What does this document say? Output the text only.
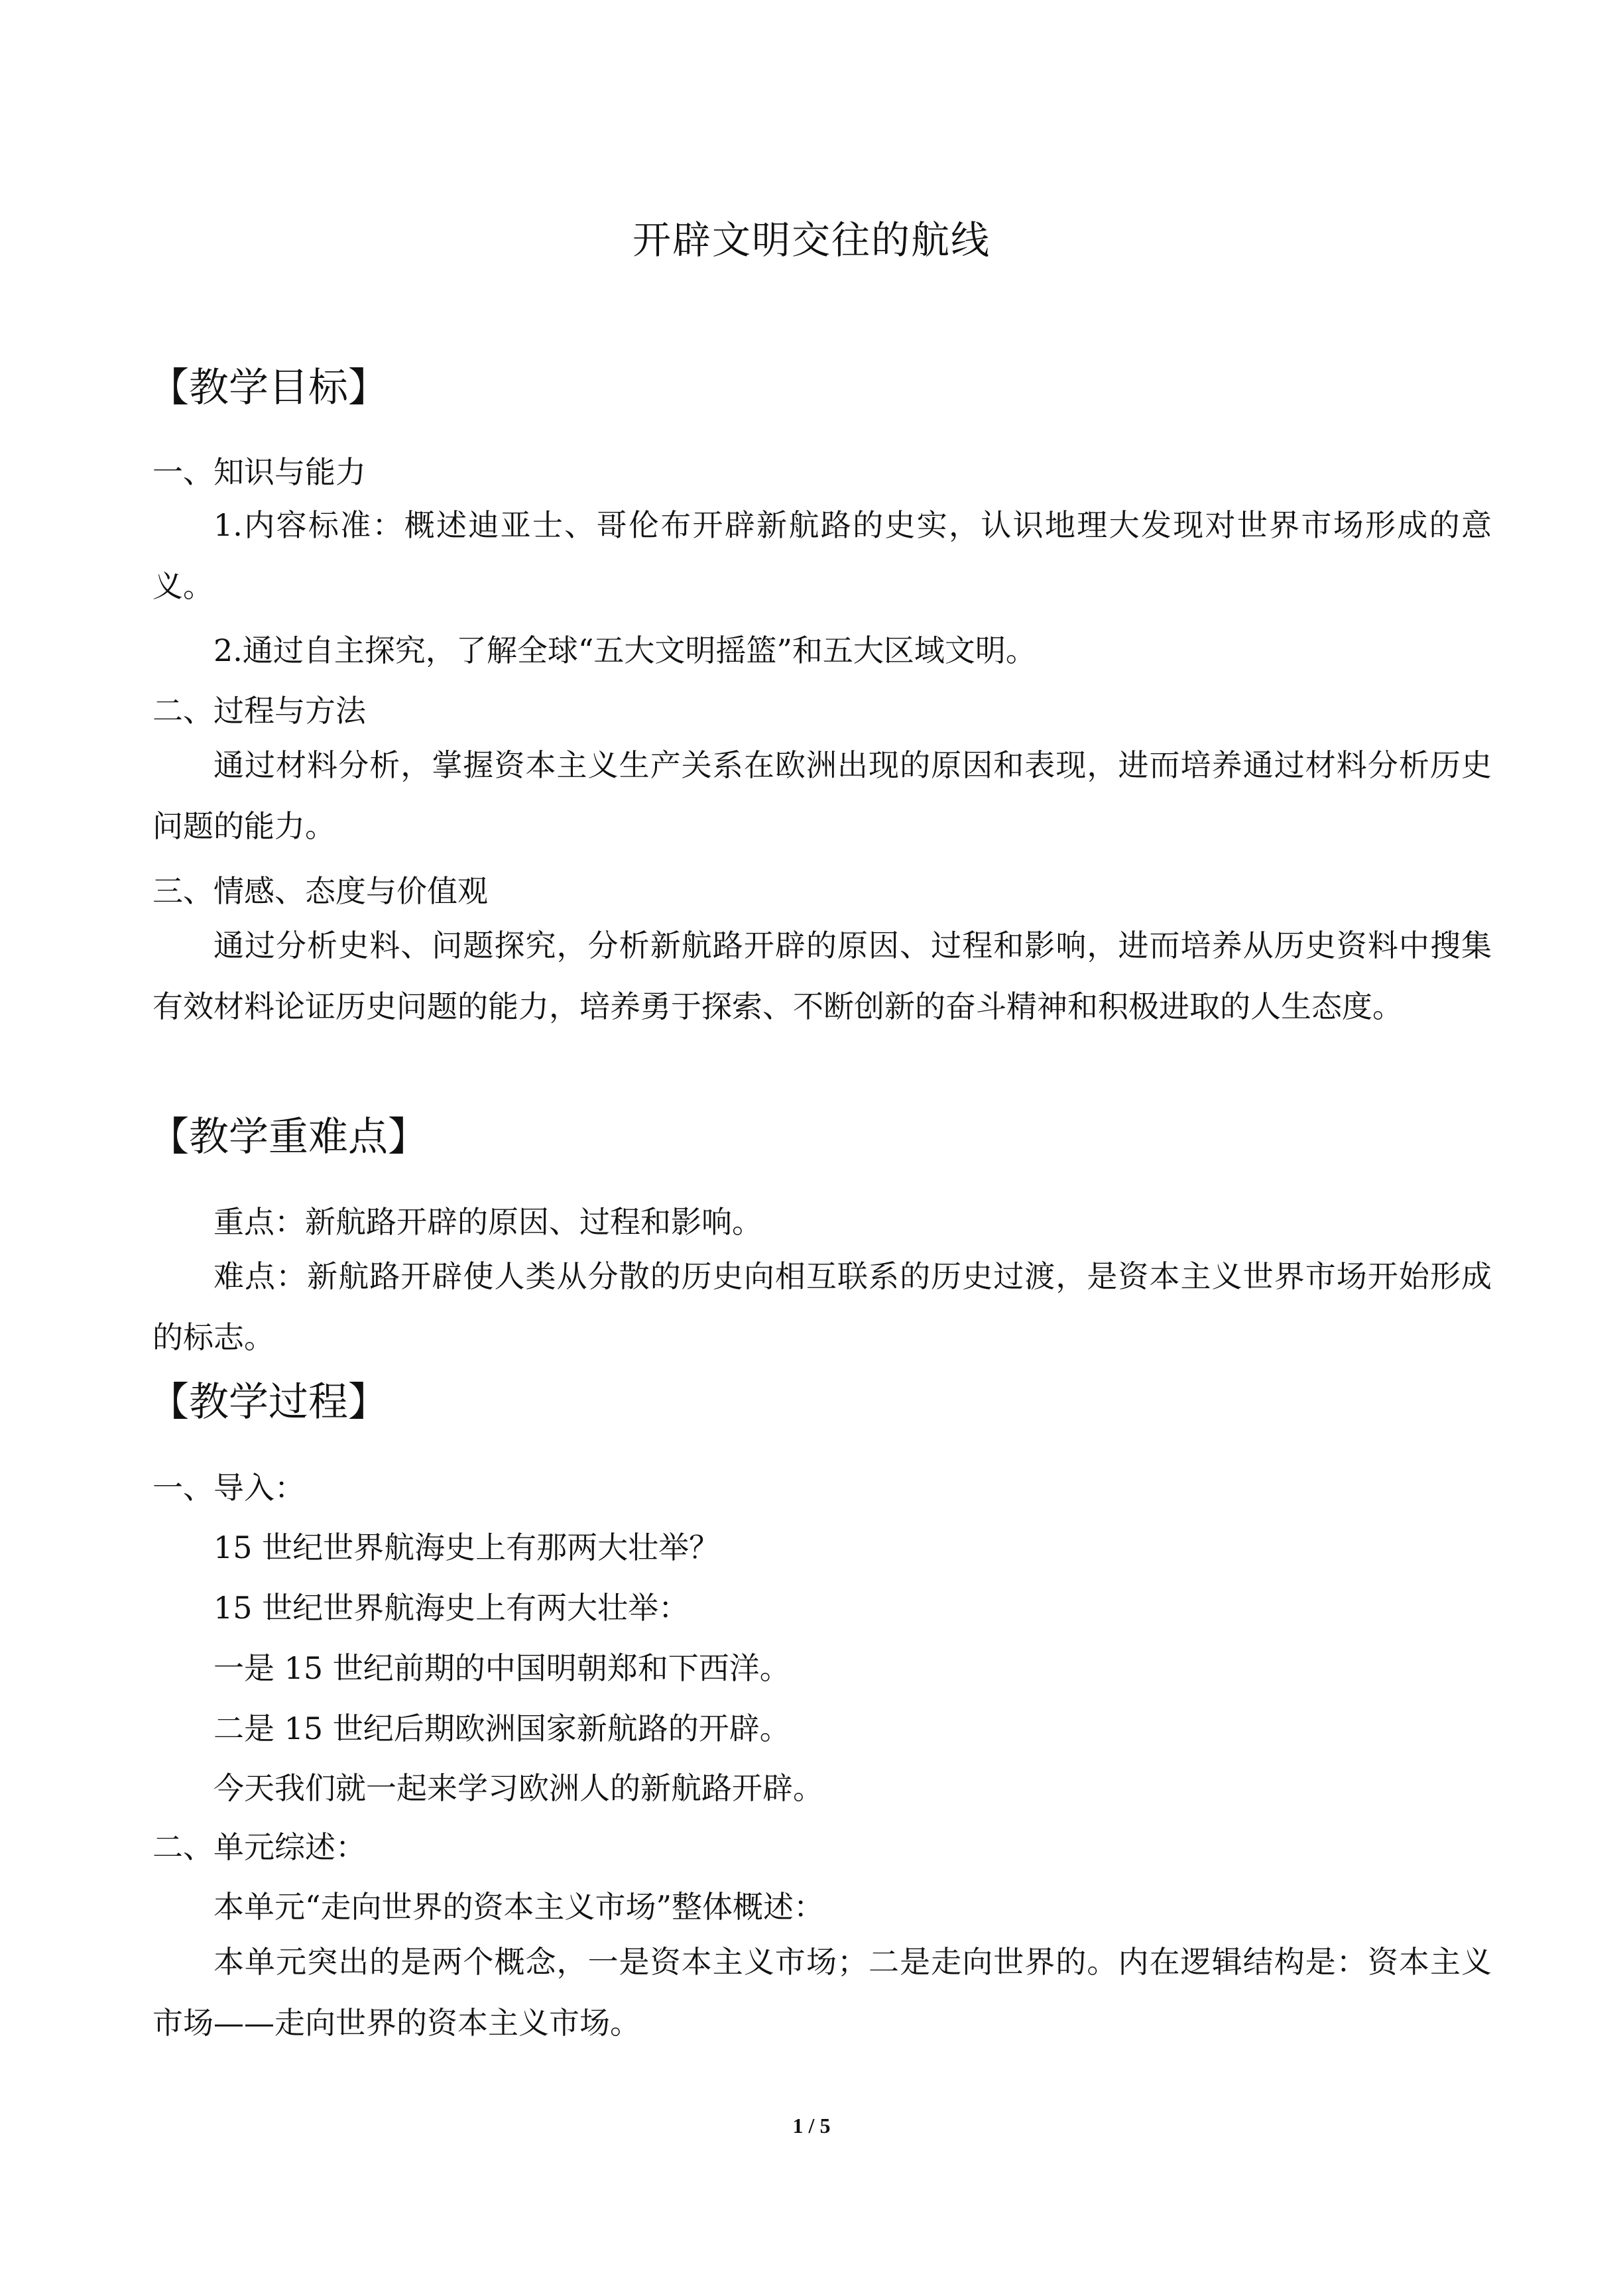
开辟文明交往的航线
【教学目标】
一、知识与能力
1.内容标准：概述迪亚士、哥伦布开辟新航路的史实，认识地理大发现对世界市场形成的意义。
2.通过自主探究，了解全球“五大文明摇篮”和五大区域文明。
二、过程与方法
通过材料分析，掌握资本主义生产关系在欧洲出现的原因和表现，进而培养通过材料分析历史问题的能力。
三、情感、态度与价值观
通过分析史料、问题探究，分析新航路开辟的原因、过程和影响，进而培养从历史资料中搜集有效材料论证历史问题的能力，培养勇于探索、不断创新的奋斗精神和积极进取的人生态度。
【教学重难点】
重点：新航路开辟的原因、过程和影响。
难点：新航路开辟使人类从分散的历史向相互联系的历史过渡，是资本主义世界市场开始形成的标志。
【教学过程】
一、导入：
15 世纪世界航海史上有那两大壮举？
15 世纪世界航海史上有两大壮举：
一是 15 世纪前期的中国明朝郑和下西洋。
二是 15 世纪后期欧洲国家新航路的开辟。
今天我们就一起来学习欧洲人的新航路开辟。
二、单元综述：
本单元“走向世界的资本主义市场”整体概述：
本单元突出的是两个概念，一是资本主义市场；二是走向世界的。内在逻辑结构是：资本主义市场——走向世界的资本主义市场。
1 / 5
